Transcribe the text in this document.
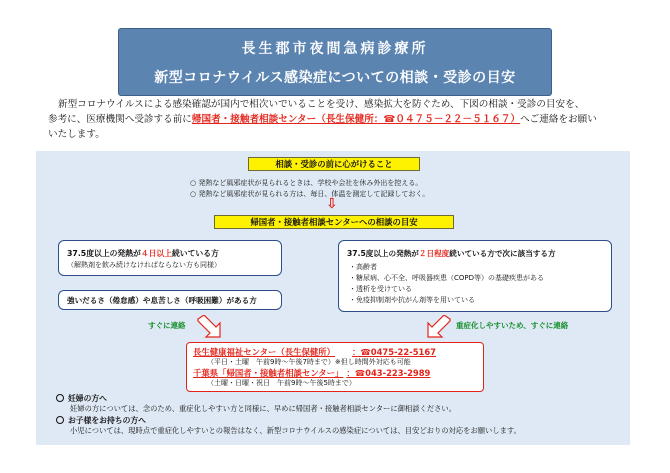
長生郡市夜間急病診療所
新型コロナウイルス感染症についての相談・受診の目安
新型コロナウイルスによる感染確認が国内で相次いでいることを受け、感染拡大を防ぐため、下図の相談・受診の目安を、
参考に、医療機関へ受診する前に帰国者・接触者相談センター（長生保健所：☎０４７５－２２－５１６７）へご連絡をお願い
いたします。
相談・受診の前に心がけること
○ 発熱など風邪症状が見られるときは、学校や会社を休み外出を控える。
○ 発熱など風邪症状が見られる方は、毎日、体温を測定して記録しておく。
⇩
帰国者・接触者相談センターへの相談の目安
37.5度以上の発熱が４日以上続いている方
（解熱剤を飲み続けなければならない方も同様）
強いだるさ（倦怠感）や息苦しさ（呼吸困難）がある方
37.5度以上の発熱が２日程度続いている方で次に該当する方
・高齢者
・糖尿病、心不全、呼吸器疾患（COPD等）の基礎疾患がある
・透析を受けている
・免疫抑制剤や抗がん剤等を用いている
すぐに連絡	重症化しやすいため、すぐに連絡
長生健康福祉センター（長生保健所） ：☎0475-22-5167
（平日・土曜　午前9時～午後7時まで）※但し時間外対応も可能
千葉県「帰国者・接触者相談センター」 ：☎043-223-2989
（土曜・日曜・祝日　午前9時～午後5時まで）
妊婦の方へ
妊婦の方については、念のため、重症化しやすい方と同様に、早めに帰国者・接触者相談センターに御相談ください。
お子様をお持ちの方へ
小児については、現時点で重症化しやすいとの報告はなく、新型コロナウイルスの感染症については、目安どおりの対応をお願いします。
